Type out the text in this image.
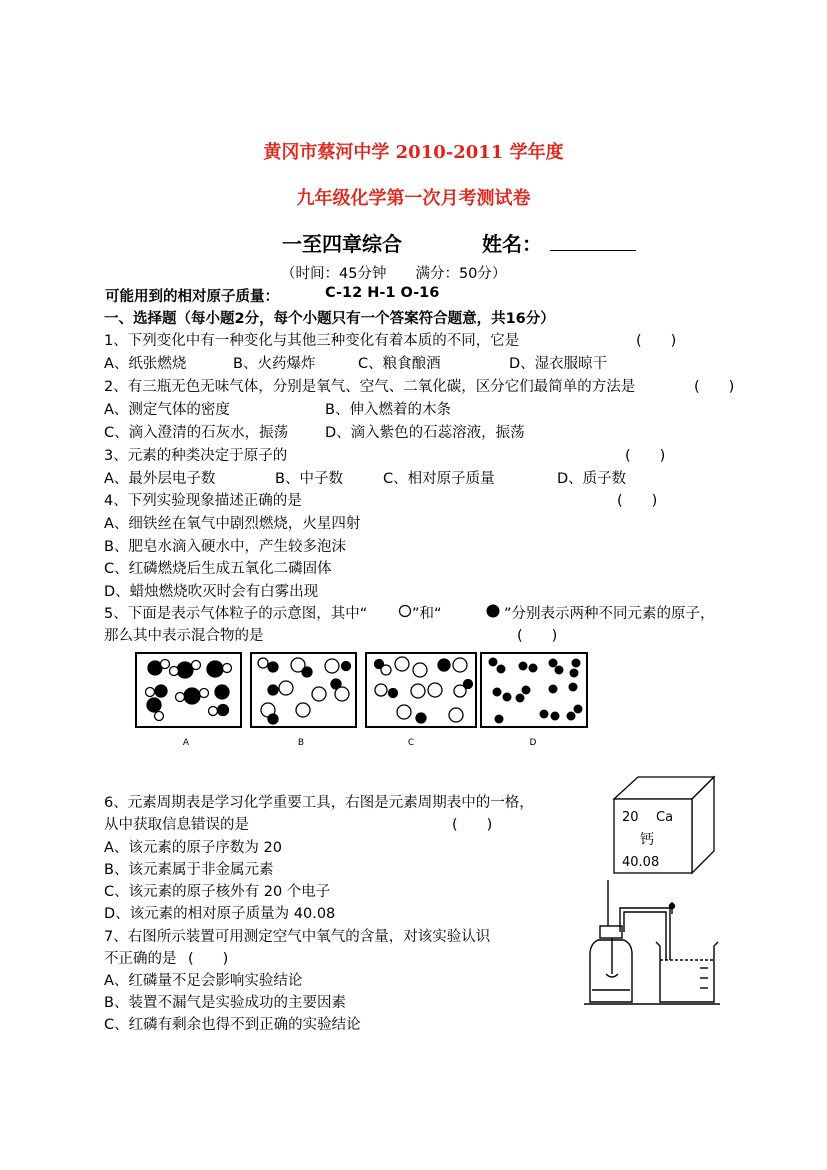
黄冈市蔡河中学 2010-2011 学年度
九年级化学第一次月考测试卷
一至四章综合	姓名：
（时间：45分钟　　满分：50分）
可能用到的相对原子质量：	C-12 H-1 O-16
一、选择题（每小题2分，每个小题只有一个答案符合题意，共16分）
1、下列变化中有一种变化与其他三种变化有着本质的不同，它是	(　　)
A、纸张燃烧	B、火药爆炸	C、粮食酿酒	D、湿衣服晾干
2、有三瓶无色无味气体，分别是氧气、空气、二氧化碳，区分它们最简单的方法是	(　　)
A、测定气体的密度	B、伸入燃着的木条
C、滴入澄清的石灰水，振荡	D、滴入紫色的石蕊溶液，振荡
3、元素的种类决定于原子的	(　　)
A、最外层电子数	B、中子数	C、相对原子质量	D、质子数
4、下列实验现象描述正确的是	(　　)
A、细铁丝在氧气中剧烈燃烧，火星四射
B、肥皂水滴入硬水中，产生较多泡沫
C、红磷燃烧后生成五氧化二磷固体
D、蜡烛燃烧吹灭时会有白雾出现
5、下面是表示气体粒子的示意图，其中“	”和“	”分别表示两种不同元素的原子，
那么其中表示混合物的是	(　　)
A	B	C	D
6、元素周期表是学习化学重要工具，右图是元素周期表中的一格，
从中获取信息错误的是	(　　)
A、该元素的原子序数为 20
B、该元素属于非金属元素
C、该元素的原子核外有 20 个电子
D、该元素的相对原子质量为 40.08
20 Ca
钙
40.08
7、右图所示装置可用测定空气中氧气的含量，对该实验认识
不正确的是 (　　)
A、红磷量不足会影响实验结论
B、装置不漏气是实验成功的主要因素
C、红磷有剩余也得不到正确的实验结论
